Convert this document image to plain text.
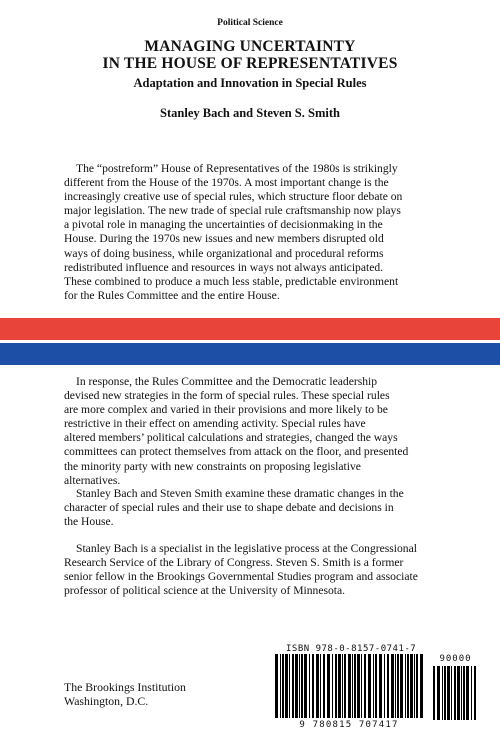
Political Science
MANAGING UNCERTAINTY
IN THE HOUSE OF REPRESENTATIVES
Adaptation and Innovation in Special Rules
Stanley Bach and Steven S. Smith
The “postreform” House of Representatives of the 1980s is strikingly
different from the House of the 1970s. A most important change is the
increasingly creative use of special rules, which structure floor debate on
major legislation. The new trade of special rule craftsmanship now plays
a pivotal role in managing the uncertainties of decisionmaking in the
House. During the 1970s new issues and new members disrupted old
ways of doing business, while organizational and procedural reforms
redistributed influence and resources in ways not always anticipated.
These combined to produce a much less stable, predictable environment
for the Rules Committee and the entire House.
In response, the Rules Committee and the Democratic leadership
devised new strategies in the form of special rules. These special rules
are more complex and varied in their provisions and more likely to be
restrictive in their effect on amending activity. Special rules have
altered members’ political calculations and strategies, changed the ways
committees can protect themselves from attack on the floor, and presented
the minority party with new constraints on proposing legislative
alternatives.
Stanley Bach and Steven Smith examine these dramatic changes in the
character of special rules and their use to shape debate and decisions in
the House.
Stanley Bach is a specialist in the legislative process at the Congressional
Research Service of the Library of Congress. Steven S. Smith is a former
senior fellow in the Brookings Governmental Studies program and associate
professor of political science at the University of Minnesota.
The Brookings Institution
Washington, D.C.
ISBN 978-0-8157-0741-7
9 780815 707417
90000
